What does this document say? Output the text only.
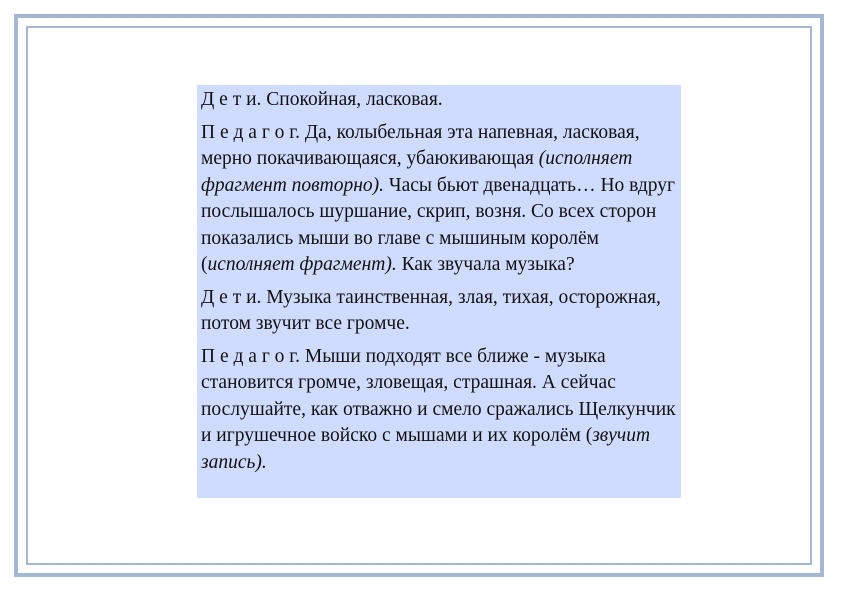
Д е т и. Спокойная, ласковая.

П е д а г о г. Да, колыбельная эта напевная, ласковая, мерно покачивающаяся, убаюкивающая (исполняет фрагмент повторно). Часы бьют двенадцать… Но вдруг послышалось шуршание, скрип, возня. Со всех сторон показались мыши во главе с мышиным королём (исполняет фрагмент). Как звучала музыка?

Д е т и. Музыка таинственная, злая, тихая, осторожная, потом звучит все громче.

П е д а г о г. Мыши подходят все ближе - музыка становится громче, зловещая, страшная. А сейчас послушайте, как отважно и смело сражались Щелкунчик и игрушечное войско с мышами и их королём (звучит запись).
